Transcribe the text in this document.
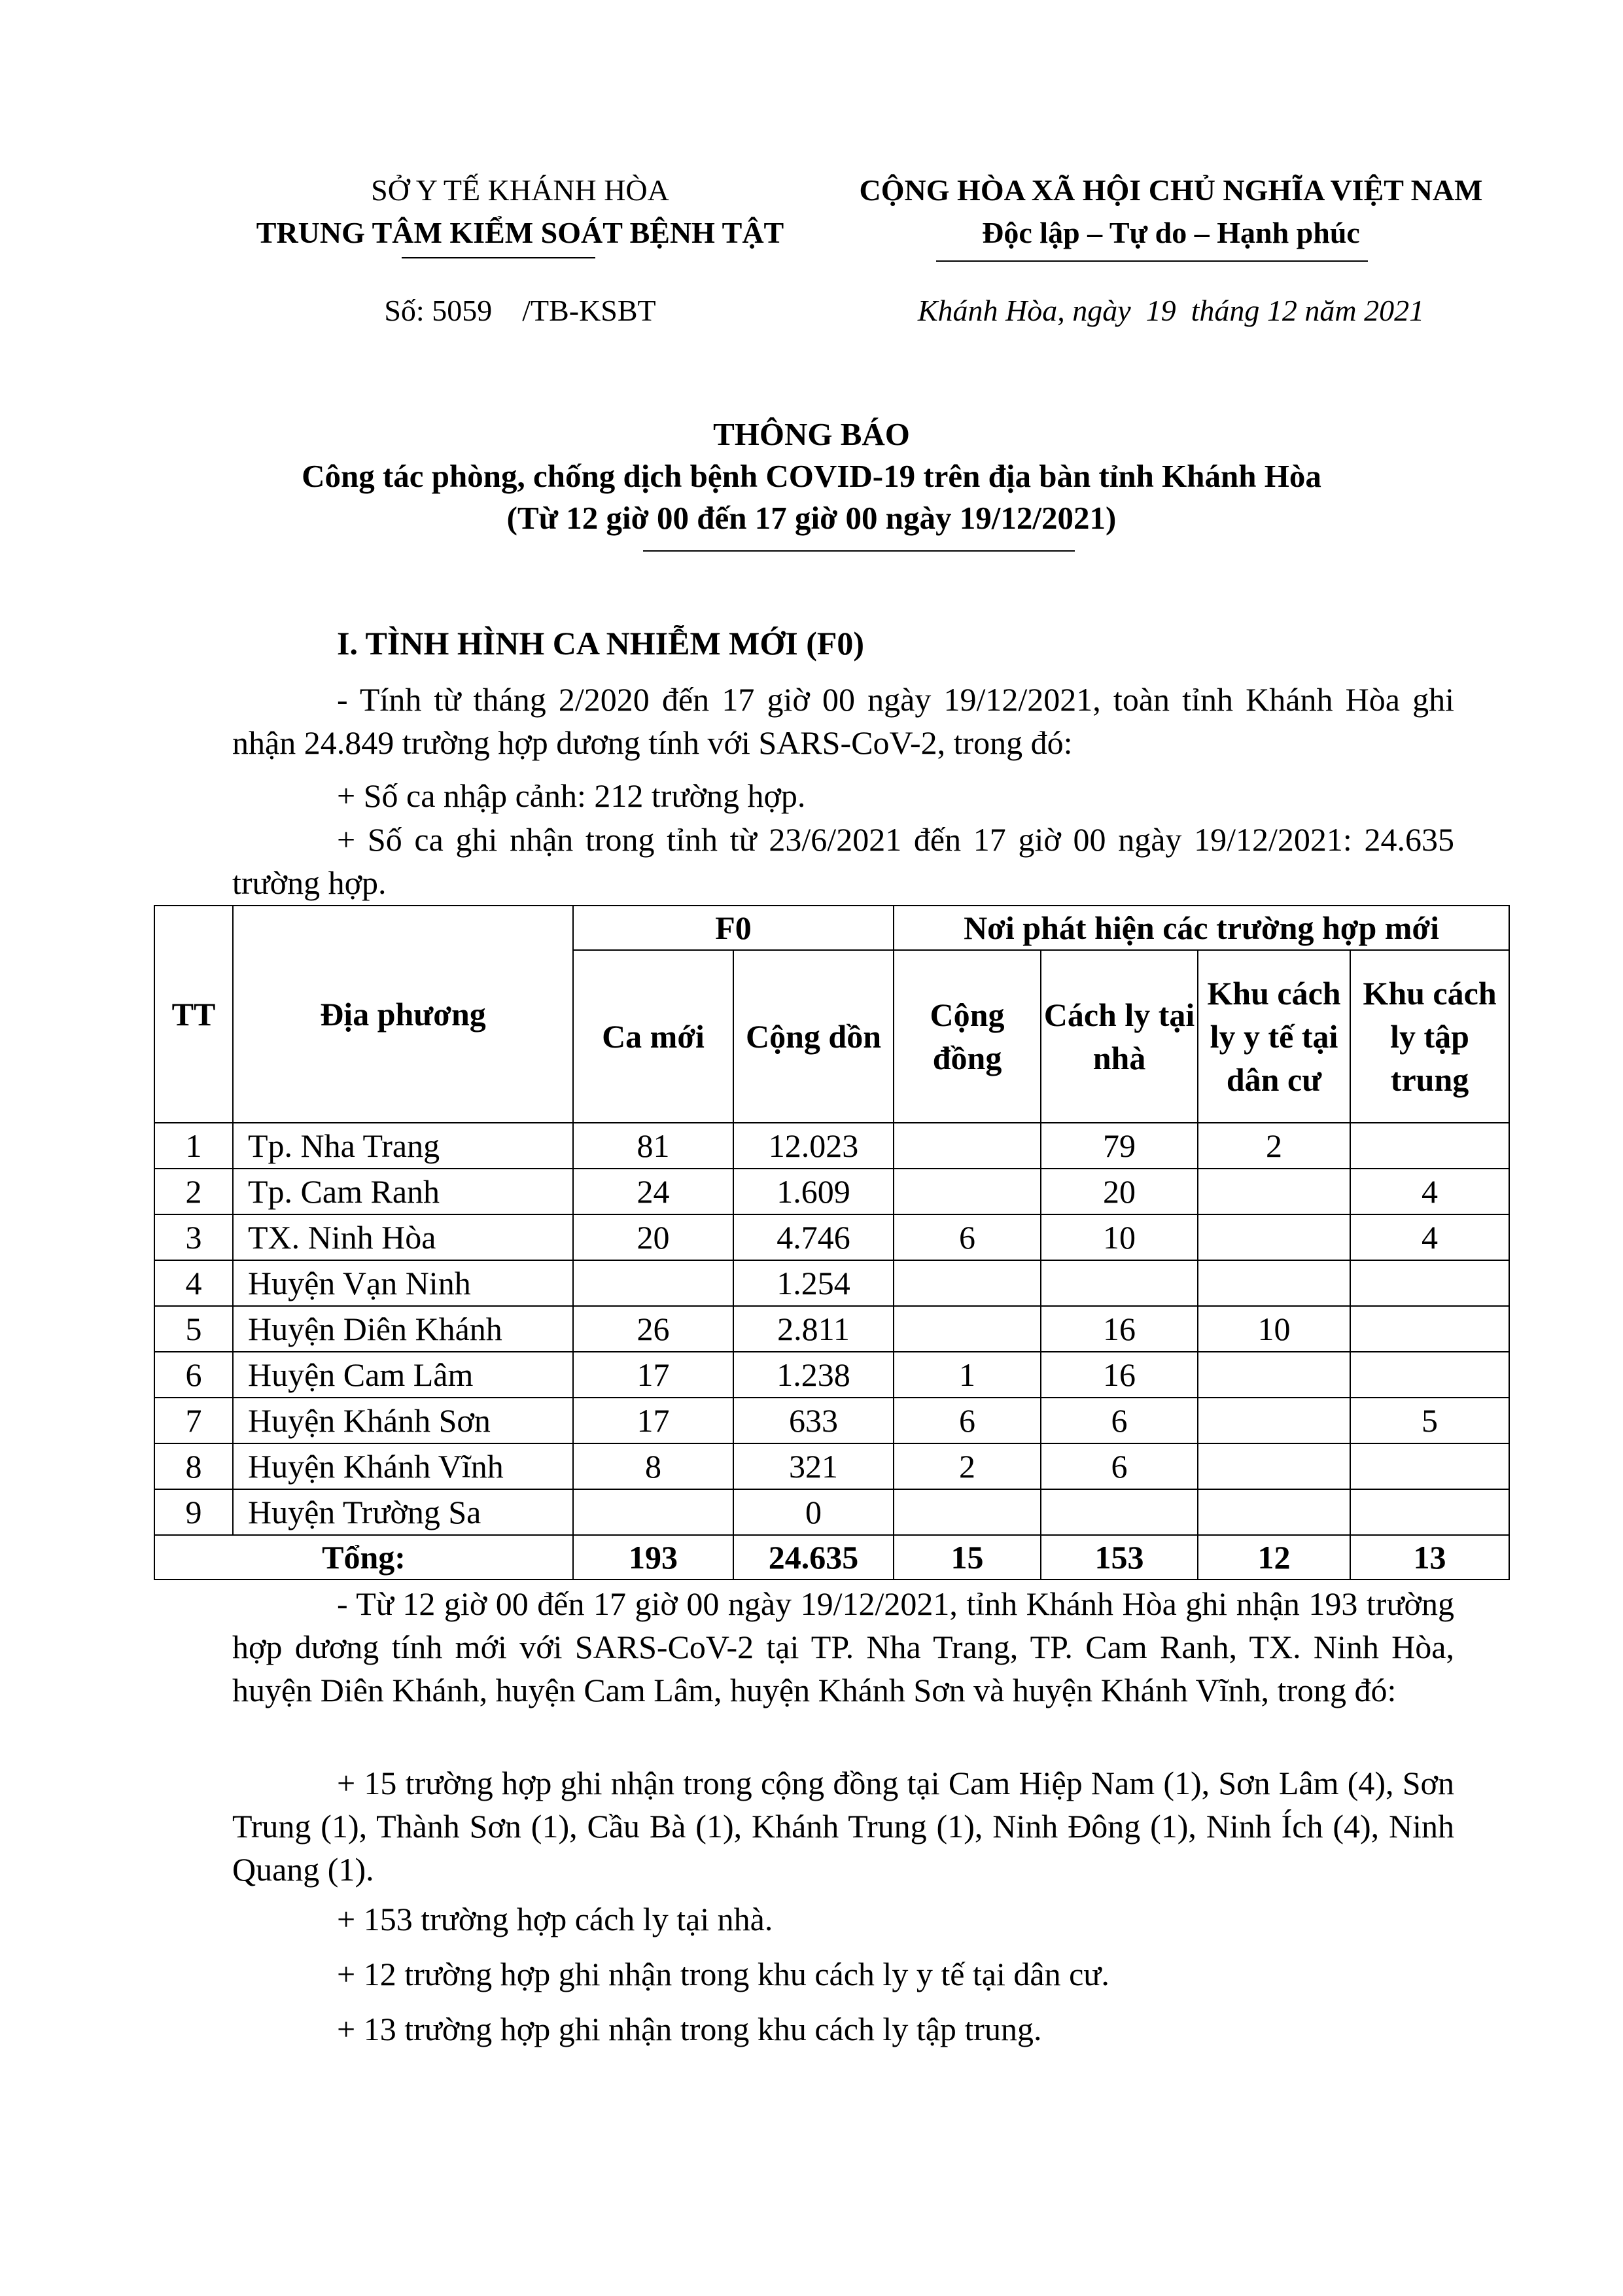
SỞ Y TẾ KHÁNH HÒA
TRUNG TÂM KIỂM SOÁT BỆNH TẬT
CỘNG HÒA XÃ HỘI CHỦ NGHĨA VIỆT NAM
Độc lập – Tự do – Hạnh phúc
Số: 5059    /TB-KSBT	Khánh Hòa, ngày  19  tháng 12 năm 2021
THÔNG BÁO
Công tác phòng, chống dịch bệnh COVID-19 trên địa bàn tỉnh Khánh Hòa
(Từ 12 giờ 00 đến 17 giờ 00 ngày 19/12/2021)
I. TÌNH HÌNH CA NHIỄM MỚI (F0)
- Tính từ tháng 2/2020 đến 17 giờ 00 ngày 19/12/2021, toàn tỉnh Khánh Hòa ghi nhận 24.849 trường hợp dương tính với SARS-CoV-2, trong đó:
+ Số ca nhập cảnh: 212 trường hợp.
+ Số ca ghi nhận trong tỉnh từ 23/6/2021 đến 17 giờ 00 ngày 19/12/2021: 24.635 trường hợp.
TT	Địa phương	F0		Nơi phát hiện các trường hợp mới			
		Ca mới	Cộng dồn	Cộng đồng	Cách ly tại nhà	Khu cách ly y tế tại dân cư	Khu cách ly tập trung
1	Tp. Nha Trang	81	12.023		79	2	
2	Tp. Cam Ranh	24	1.609		20		4
3	TX. Ninh Hòa	20	4.746	6	10		4
4	Huyện Vạn Ninh		1.254				
5	Huyện Diên Khánh	26	2.811		16	10	
6	Huyện Cam Lâm	17	1.238	1	16		
7	Huyện Khánh Sơn	17	633	6	6		5
8	Huyện Khánh Vĩnh	8	321	2	6		
9	Huyện Trường Sa		0				
Tổng:		193	24.635	15	153	12	13
- Từ 12 giờ 00 đến 17 giờ 00 ngày 19/12/2021, tỉnh Khánh Hòa ghi nhận 193 trường hợp dương tính mới với SARS-CoV-2 tại TP. Nha Trang, TP. Cam Ranh, TX. Ninh Hòa, huyện Diên Khánh, huyện Cam Lâm, huyện Khánh Sơn và huyện Khánh Vĩnh, trong đó:
+ 15 trường hợp ghi nhận trong cộng đồng tại Cam Hiệp Nam (1), Sơn Lâm (4), Sơn Trung (1), Thành Sơn (1), Cầu Bà (1), Khánh Trung (1), Ninh Đông (1), Ninh Ích (4), Ninh Quang (1).
+ 153 trường hợp cách ly tại nhà.
+ 12 trường hợp ghi nhận trong khu cách ly y tế tại dân cư.
+ 13 trường hợp ghi nhận trong khu cách ly tập trung.
